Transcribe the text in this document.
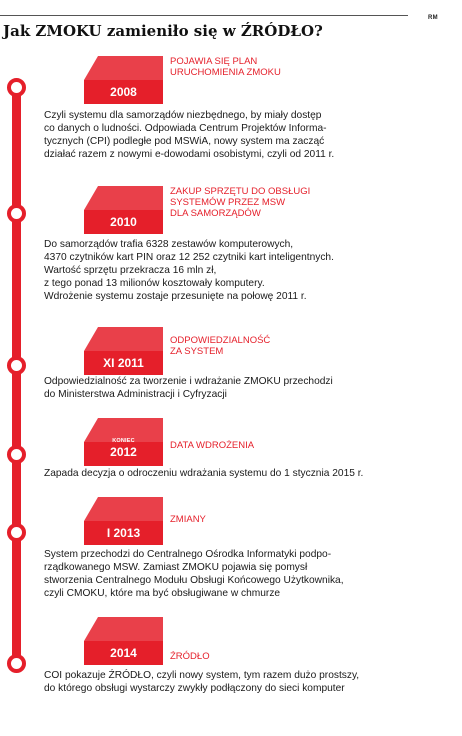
RM
Jak ZMOKU zamieniło się w ŹRÓDŁO?
2008
POJAWIA SIĘ PLAN
URUCHOMIENIA ZMOKU
Czyli systemu dla samorządów niezbędnego, by miały dostęp
co danych o ludności. Odpowiada Centrum Projektów Informa-
tycznych (CPI) podległe pod MSWiA, nowy system ma zacząć
działać razem z nowymi e-dowodami osobistymi, czyli od 2011 r.
2010
ZAKUP SPRZĘTU DO OBSŁUGI
SYSTEMÓW PRZEZ MSW
DLA SAMORZĄDÓW
Do samorządów trafia 6328 zestawów komputerowych,
4370 czytników kart PIN oraz 12 252 czytniki kart inteligentnych.
Wartość sprzętu przekracza 16 mln zł,
z tego ponad 13 milionów kosztowały komputery.
Wdrożenie systemu zostaje przesunięte na połowę 2011 r.
XI 2011
ODPOWIEDZIALNOŚĆ
ZA SYSTEM
Odpowiedzialność za tworzenie i wdrażanie ZMOKU przechodzi
do Ministerstwa Administracji i Cyfryzacji
KONIEC
2012	DATA WDROŻENIA
Zapada decyzja o odroczeniu wdrażania systemu do 1 stycznia 2015 r.
I 2013
ZMIANY
System przechodzi do Centralnego Ośrodka Informatyki podpo-
rządkowanego MSW. Zamiast ZMOKU pojawia się pomysł
stworzenia Centralnego Modułu Obsługi Końcowego Użytkownika,
czyli CMOKU, które ma być obsługiwane w chmurze
2014	ŹRÓDŁO
COI pokazuje ŹRÓDŁO, czyli nowy system, tym razem dużo prostszy,
do którego obsługi wystarczy zwykły podłączony do sieci komputer
